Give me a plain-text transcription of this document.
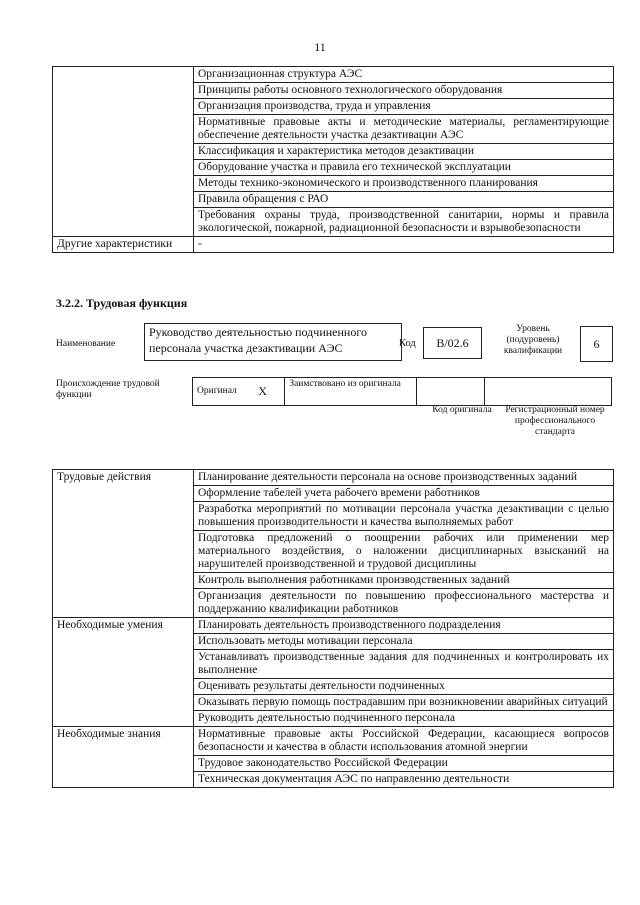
11
	Организационная структура АЭС
	Принципы работы основного технологического оборудования
	Организация производства, труда и управления
	Нормативные правовые акты и методические материалы, регламентирующие обеспечение деятельности участка дезактивации АЭС
	Классификация и характеристика методов дезактивации
	Оборудование участка и правила его технической эксплуатации
	Методы технико-экономического и производственного планирования
	Правила обращения с РАО
	Требования охраны труда, производственной санитарии, нормы и правила экологической, пожарной, радиационной безопасности и взрывобезопасности
Другие характеристики	-
3.2.2. Трудовая функция
Наименование
Руководство деятельностью подчиненного персонала участка дезактивации АЭС	Код	B/02.6
Уровень (подуровень) квалификации	6
Происхождение трудовой функции	Оригинал	X	Заимствовано из оригинала		
Код оригинала	Регистрационный номер профессионального стандарта
Трудовые действия	Планирование деятельности персонала на основе производственных заданий
	Оформление табелей учета рабочего времени работников
	Разработка мероприятий по мотивации персонала участка дезактивации с целью повышения производительности и качества выполняемых работ
	Подготовка предложений о поощрении рабочих или применении мер материального воздействия, о наложении дисциплинарных взысканий на нарушителей производственной и трудовой дисциплины
	Контроль выполнения работниками производственных заданий
	Организация деятельности по повышению профессионального мастерства и поддержанию квалификации работников
Необходимые умения	Планировать деятельность производственного подразделения
	Использовать методы мотивации персонала
	Устанавливать производственные задания для подчиненных и контролировать их выполнение
	Оценивать результаты деятельности подчиненных
	Оказывать первую помощь пострадавшим при возникновении аварийных ситуаций
	Руководить деятельностью подчиненного персонала
Необходимые знания	Нормативные правовые акты Российской Федерации, касающиеся вопросов безопасности и качества в области использования атомной энергии
	Трудовое законодательство Российской Федерации
	Техническая документация АЭС по направлению деятельности
